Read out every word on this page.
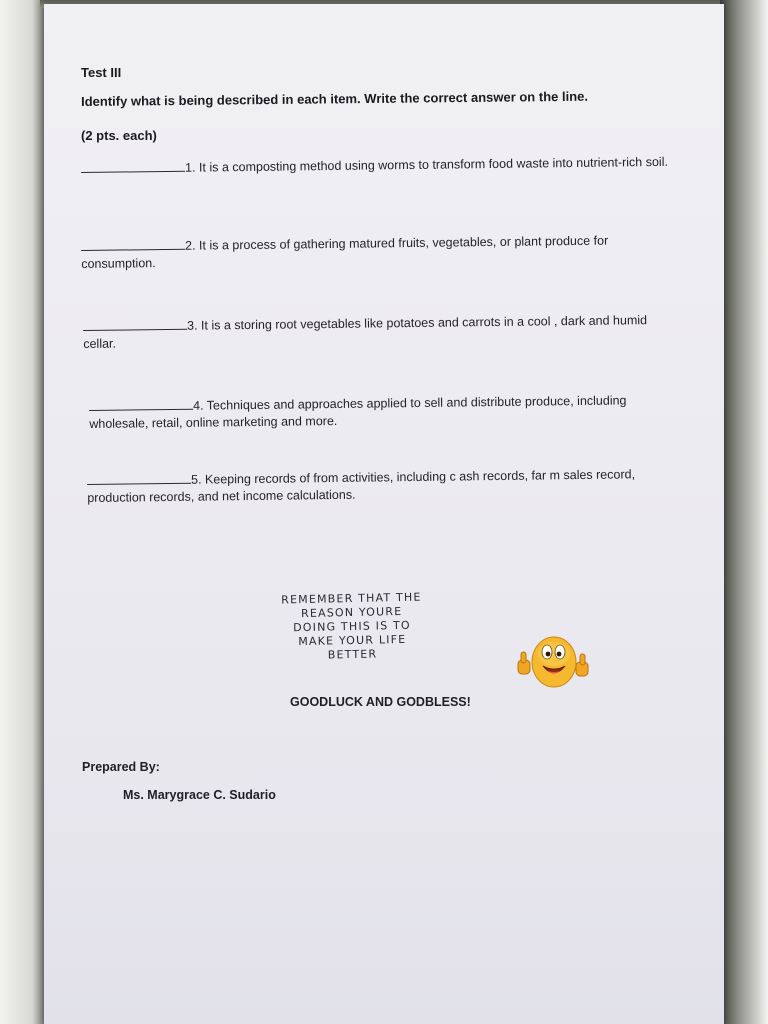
Test III
Identify what is being described in each item. Write the correct answer on the line.
(2 pts. each)
1. It is a composting method using worms to transform food waste into nutrient-rich soil.
2. It is a process of gathering matured fruits, vegetables, or plant produce for consumption.
3. It is a storing root vegetables like potatoes and carrots in a cool , dark and humid cellar.
4. Techniques and approaches applied to sell and distribute produce, including wholesale, retail, online marketing and more.
5. Keeping records of from activities, including c ash records, far m sales record, production records, and net income calculations.
REMEMBER THAT THE
REASON YOURE
DOING THIS IS TO
MAKE YOUR LIFE
BETTER
GOODLUCK AND GODBLESS!
Prepared By:
Ms. Marygrace C. Sudario
